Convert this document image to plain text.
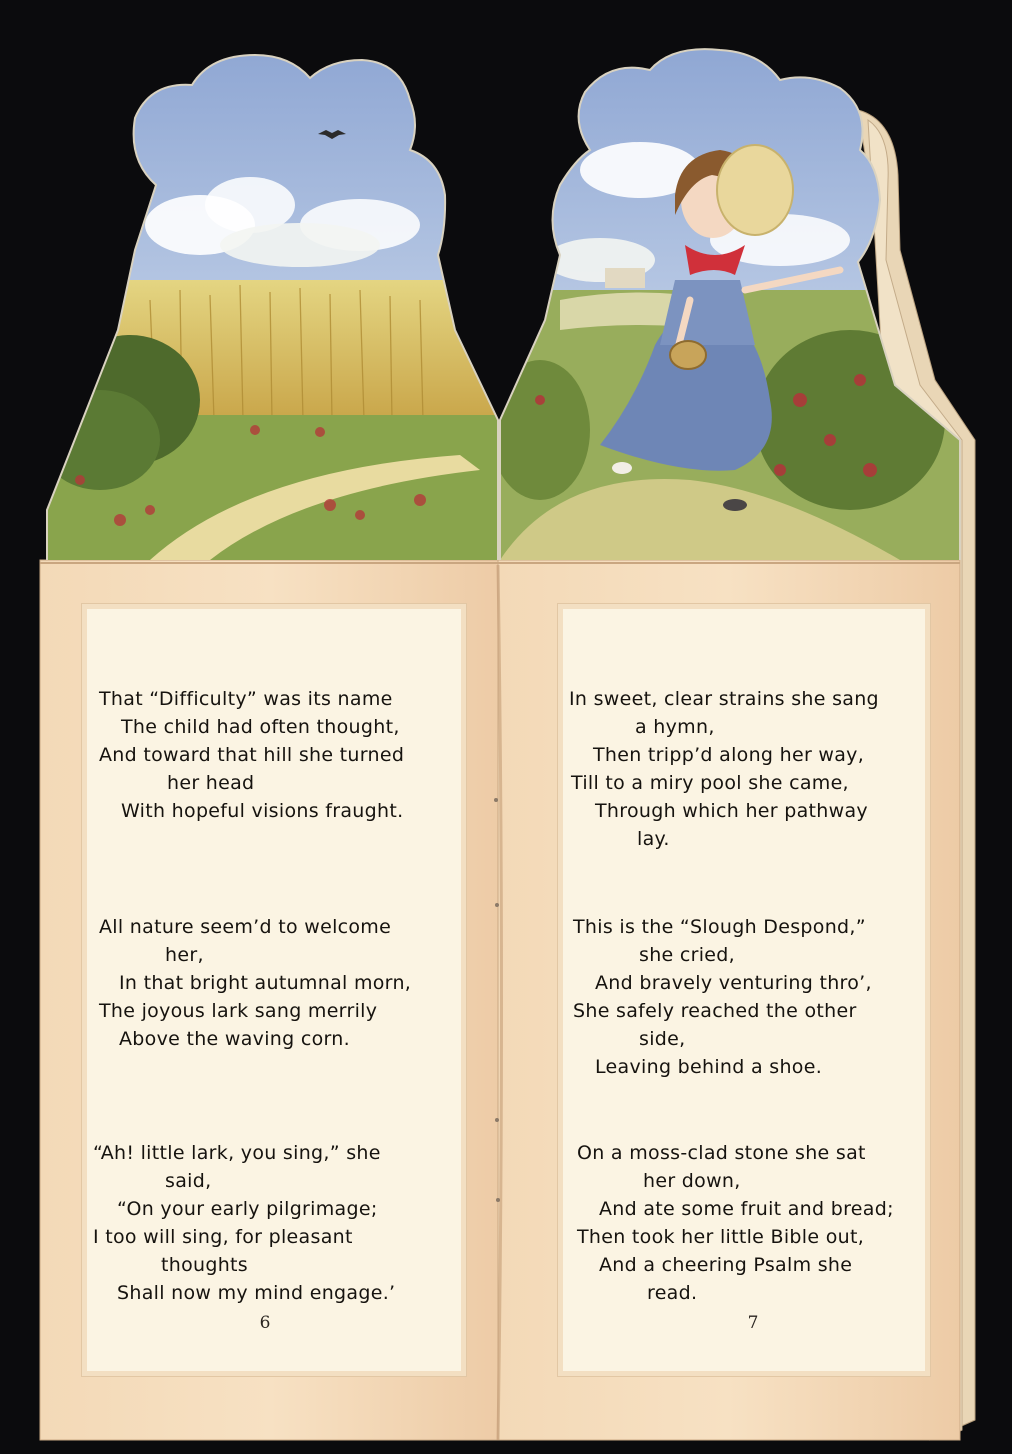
That “Difficulty” was its name
The child had often thought,
And toward that hill she turned
her head
With hopeful visions fraught.
All nature seem’d to welcome
her,
In that bright autumnal morn,
The joyous lark sang merrily
Above the waving corn.
“Ah! little lark, you sing,” she
said,
“On your early pilgrimage;
I too will sing, for pleasant
thoughts
Shall now my mind engage.’
6
In sweet, clear strains she sang
a hymn,
Then tripp’d along her way,
Till to a miry pool she came,
Through which her pathway
lay.
This is the “Slough Despond,”
she cried,
And bravely venturing thro’,
She safely reached the other
side,
Leaving behind a shoe.
On a moss-clad stone she sat
her down,
And ate some fruit and bread;
Then took her little Bible out,
And a cheering Psalm she
read.
7
